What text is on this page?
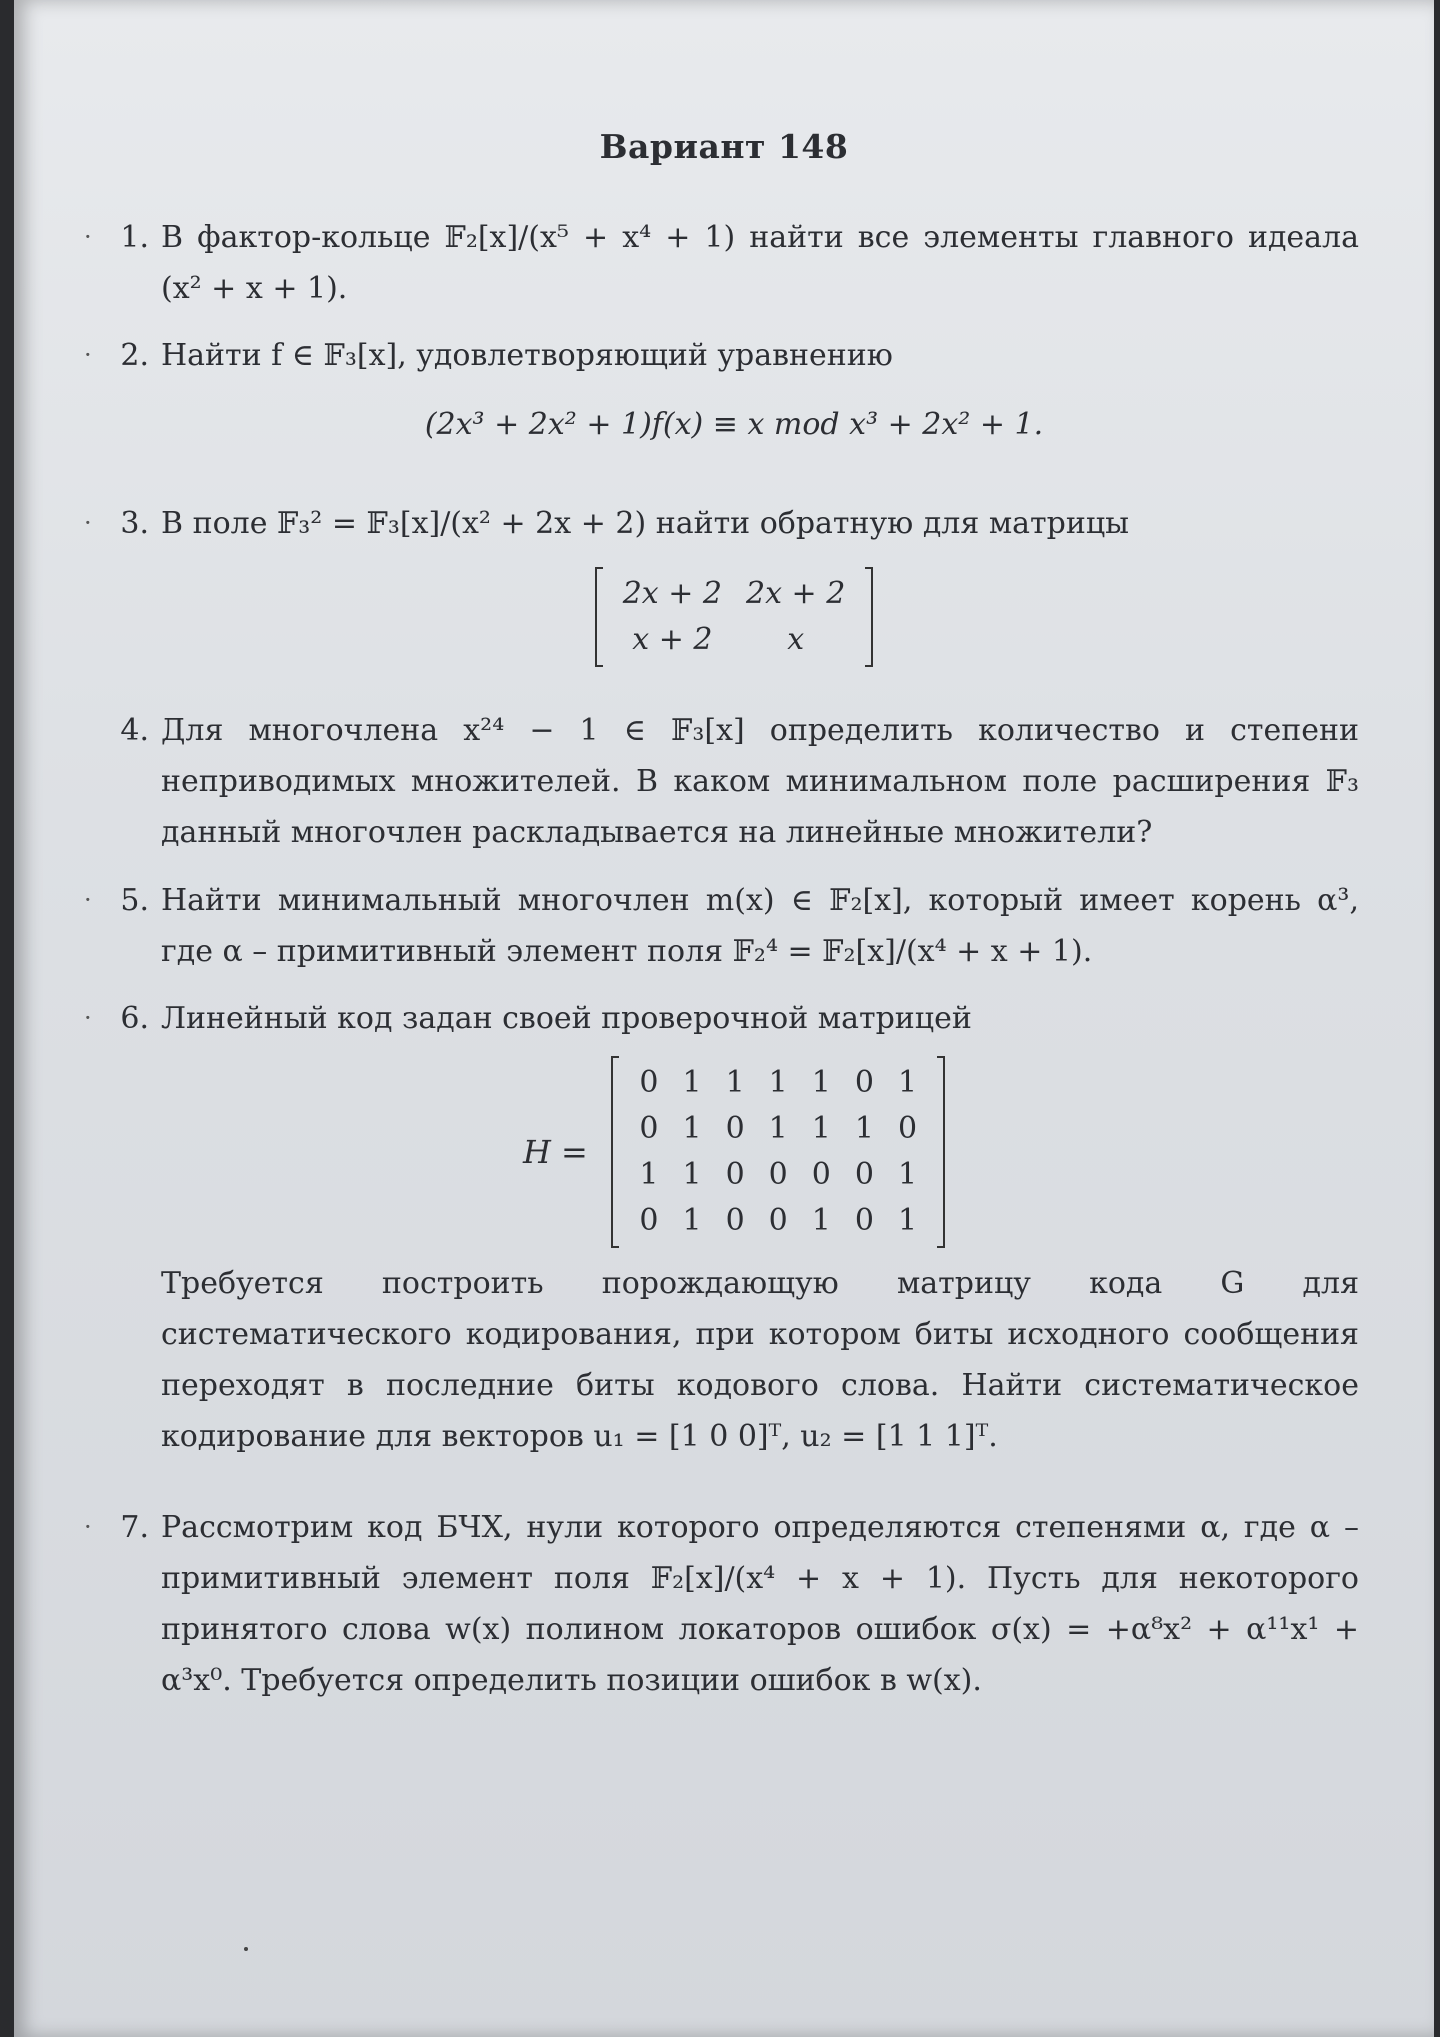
Вариант 148
· 1. В фактор-кольце 𝔽₂[x]/(x⁵ + x⁴ + 1) найти все элементы главного идеала (x² + x + 1).
· 2. Найти f ∈ 𝔽₃[x], удовлетворяющий уравнению
(2x³ + 2x² + 1)f(x) ≡ x mod x³ + 2x² + 1.
· 3. В поле 𝔽₃² = 𝔽₃[x]/(x² + 2x + 2) найти обратную для матрицы
2x + 2	2x + 2
x + 2	x
4. Для многочлена x²⁴ − 1 ∈ 𝔽₃[x] определить количество и степени неприводимых множителей. В каком минимальном поле расширения 𝔽₃ данный многочлен раскладывается на линейные множители?
· 5. Найти минимальный многочлен m(x) ∈ 𝔽₂[x], который имеет корень α³, где α – примитивный элемент поля 𝔽₂⁴ = 𝔽₂[x]/(x⁴ + x + 1).
· 6. Линейный код задан своей проверочной матрицей
H =
0	1	1	1	1	0	1
0	1	0	1	1	1	0
1	1	0	0	0	0	1
0	1	0	0	1	0	1
Требуется построить порождающую матрицу кода G для систематического кодирования, при котором биты исходного сообщения переходят в последние биты кодового слова. Найти систематическое кодирование для векторов u₁ = [1 0 0]ᵀ, u₂ = [1 1 1]ᵀ.
· 7. Рассмотрим код БЧХ, нули которого определяются степенями α, где α – примитивный элемент поля 𝔽₂[x]/(x⁴ + x + 1). Пусть для некоторого принятого слова w(x) полином локаторов ошибок σ(x) = +α⁸x² + α¹¹x¹ + α³x⁰. Требуется определить позиции ошибок в w(x).
